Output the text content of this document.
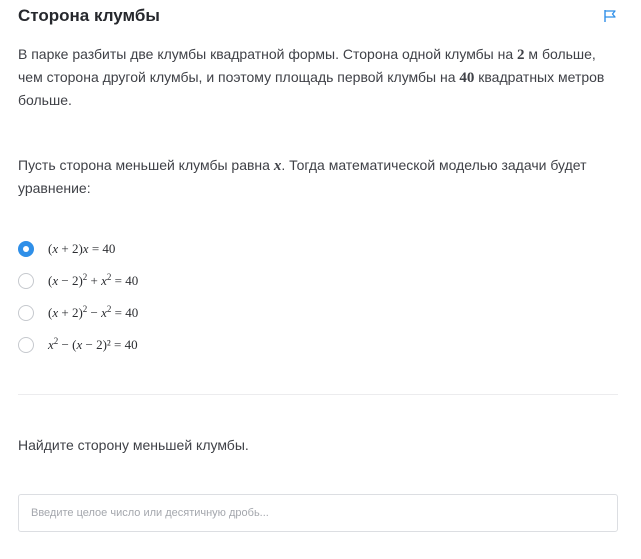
Сторона клумбы
В парке разбиты две клумбы квадратной формы. Сторона одной клумбы на 2 м больше, чем сторона другой клумбы, и поэтому площадь первой клумбы на 40 квадратных метров больше.
Пусть сторона меньшей клумбы равна x. Тогда математической моделью задачи будет уравнение:
(x + 2)x = 40
$(x - 2)^2 + x^2 = 40$
$(x + 2)^2 - x^2 = 40$
$x^2 - (x - 2)^2 = 40$
Найдите сторону меньшей клумбы.
Введите целое число или десятичную дробь...
